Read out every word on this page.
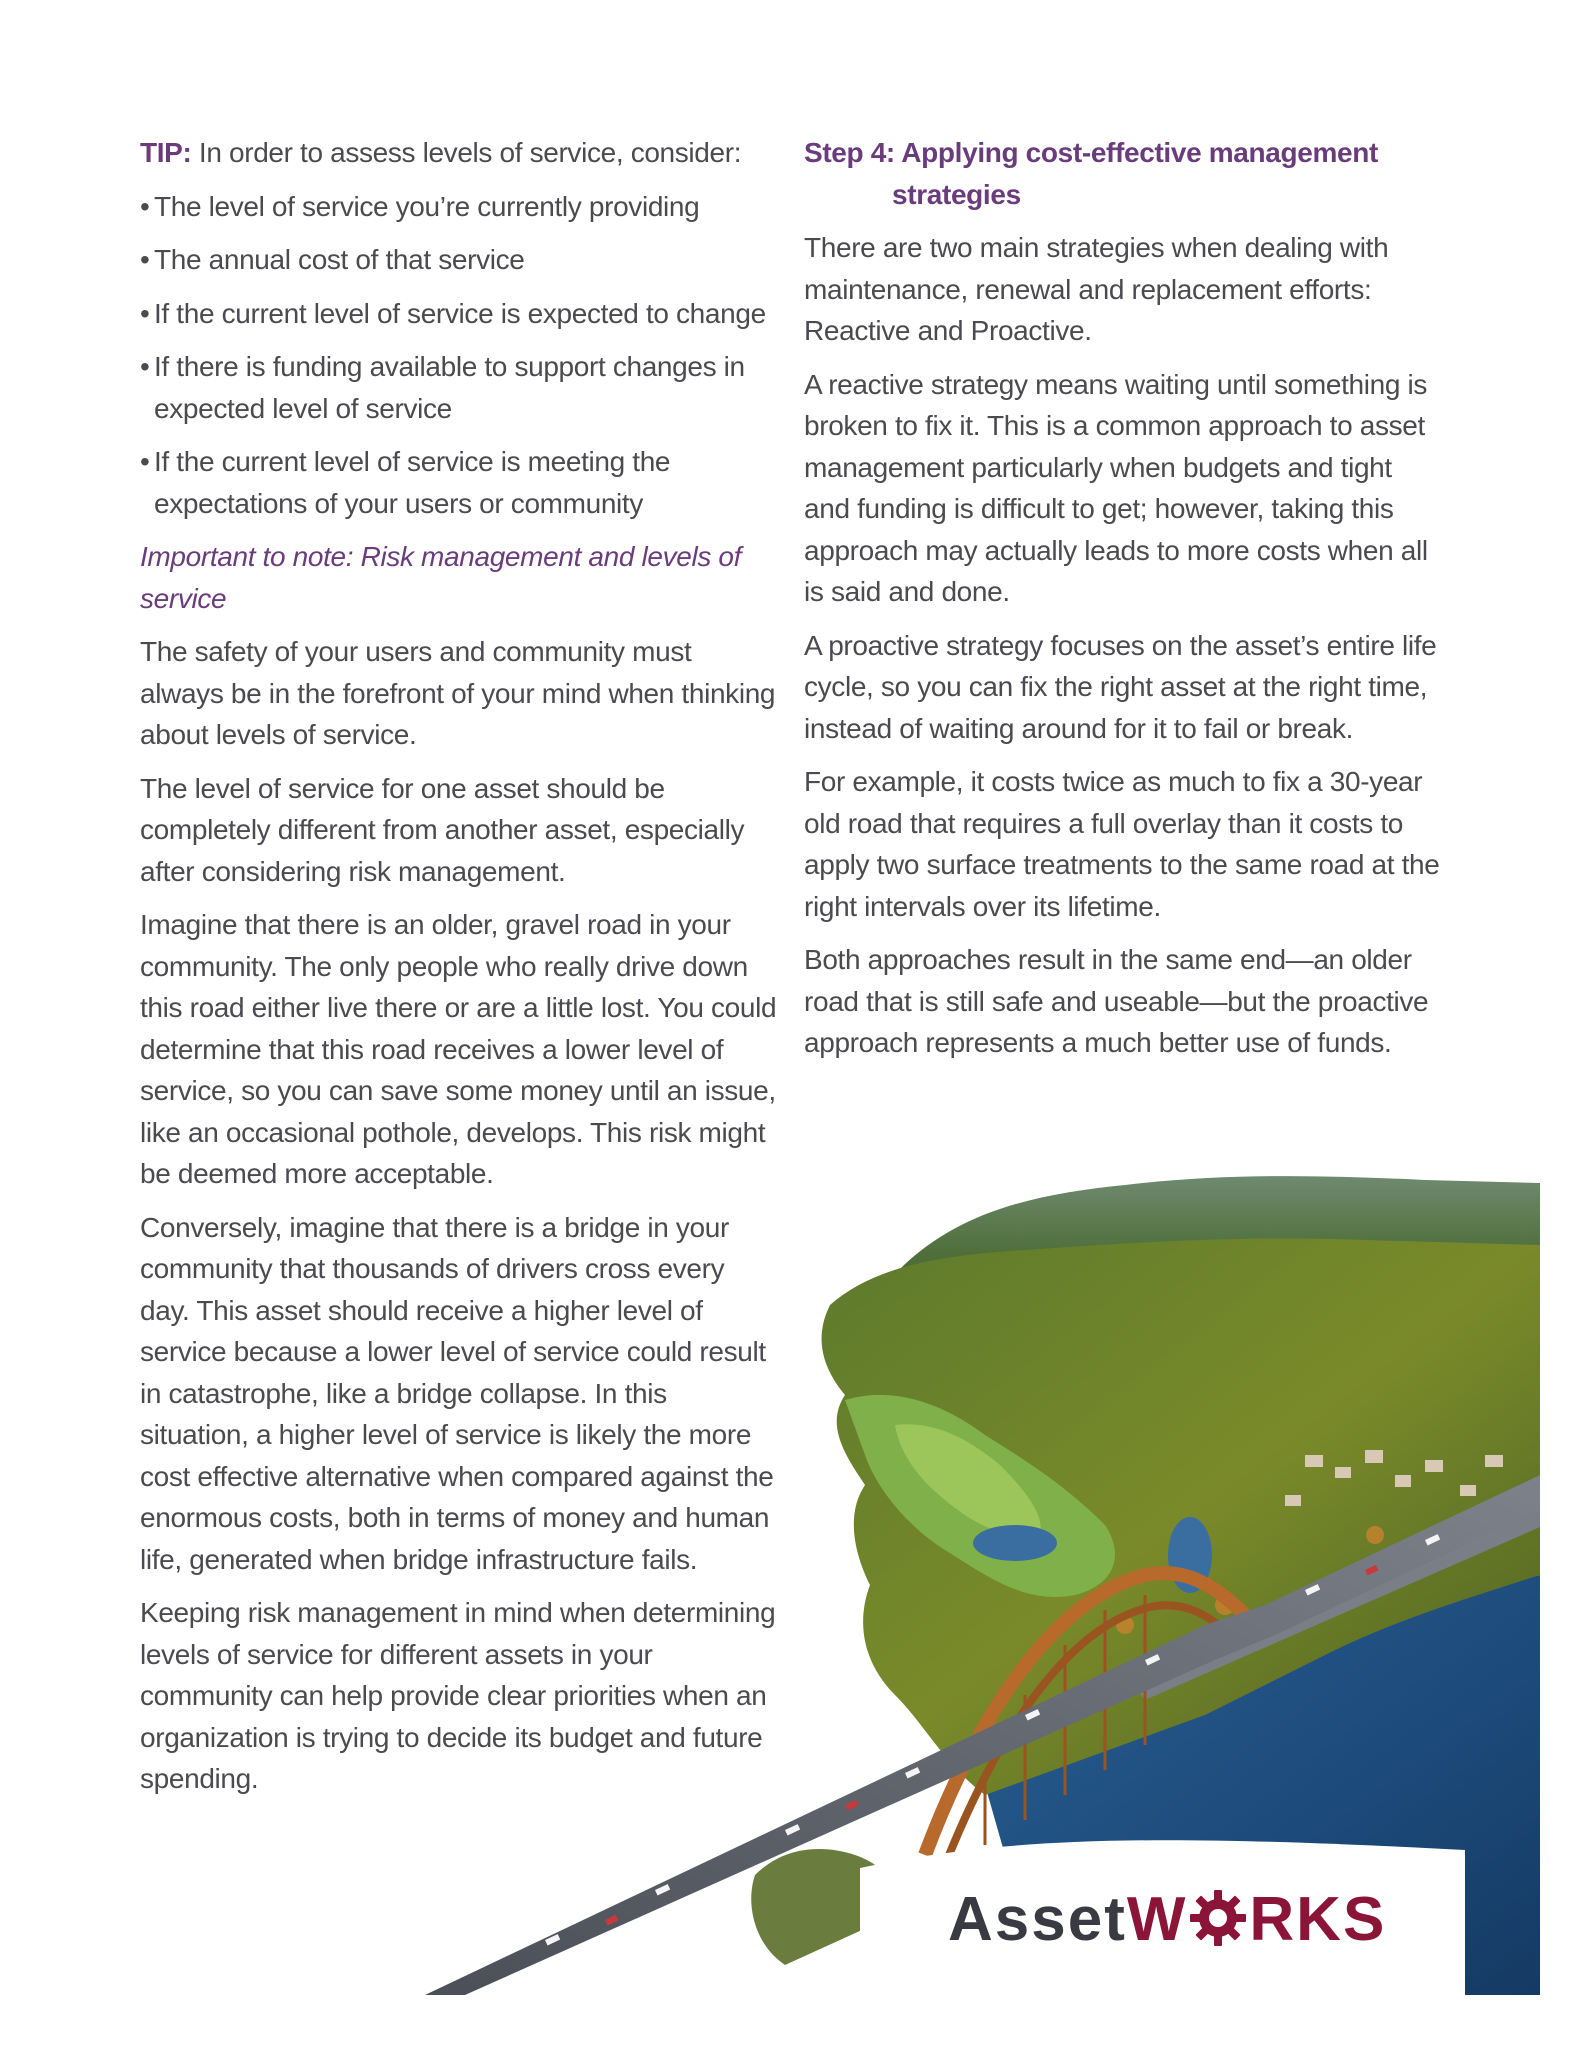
TIP: In order to assess levels of service, consider:

• The level of service you’re currently providing
• The annual cost of that service
• If the current level of service is expected to change
• If there is funding available to support changes in expected level of service
• If the current level of service is meeting the expectations of your users or community

Important to note: Risk management and levels of service

The safety of your users and community must always be in the forefront of your mind when thinking about levels of service.

The level of service for one asset should be completely different from another asset, especially after considering risk management.

Imagine that there is an older, gravel road in your community. The only people who really drive down this road either live there or are a little lost. You could determine that this road receives a lower level of service, so you can save some money until an issue, like an occasional pothole, develops. This risk might be deemed more acceptable.

Conversely, imagine that there is a bridge in your community that thousands of drivers cross every day. This asset should receive a higher level of service because a lower level of service could result in catastrophe, like a bridge collapse. In this situation, a higher level of service is likely the more cost effective alternative when compared against the enormous costs, both in terms of money and human life, generated when bridge infrastructure fails.

Keeping risk management in mind when determining levels of service for different assets in your community can help provide clear priorities when an organization is trying to decide its budget and future spending.

Step 4: Applying cost-effective management
strategies

There are two main strategies when dealing with maintenance, renewal and replacement efforts: Reactive and Proactive.

A reactive strategy means waiting until something is broken to fix it. This is a common approach to asset management particularly when budgets and tight and funding is difficult to get; however, taking this approach may actually leads to more costs when all is said and done.

A proactive strategy focuses on the asset’s entire life cycle, so you can fix the right asset at the right time, instead of waiting around for it to fail or break.

For example, it costs twice as much to fix a 30-year old road that requires a full overlay than it costs to apply two surface treatments to the same road at the right intervals over its lifetime.

Both approaches result in the same end—an older road that is still safe and useable—but the proactive approach represents a much better use of funds.

AssetW RKS
